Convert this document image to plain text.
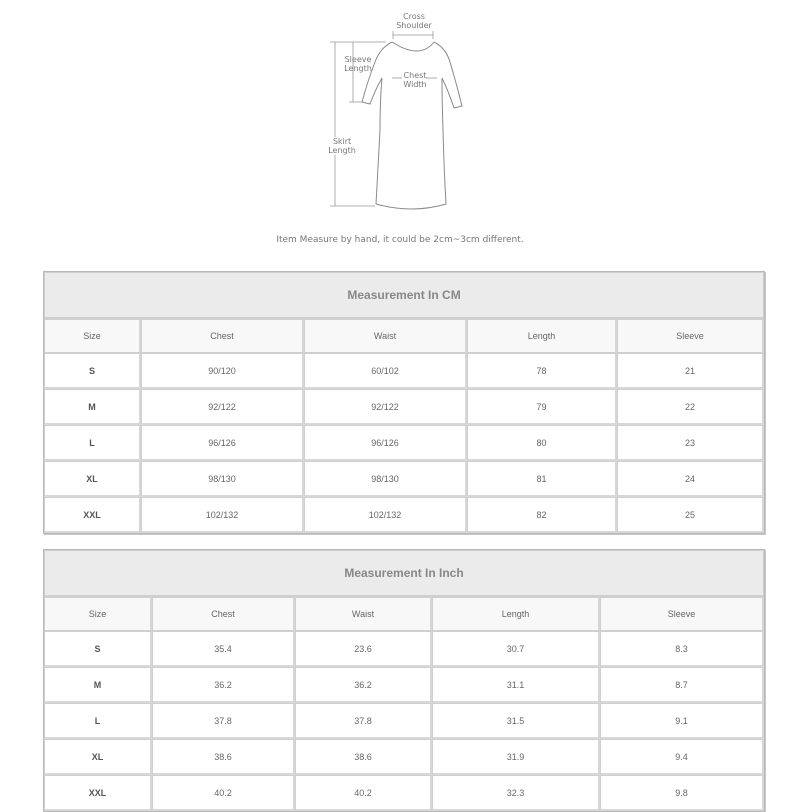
Cross
Shoulder
Sleeve
Length
Chest
Width
Skirt
Length
Item Measure by hand, it could be 2cm~3cm different.
Measurement In CM				
Size	Chest	Waist	Length	Sleeve
S	90/120	60/102	78	21
M	92/122	92/122	79	22
L	96/126	96/126	80	23
XL	98/130	98/130	81	24
XXL	102/132	102/132	82	25
Measurement In Inch				
Size	Chest	Waist	Length	Sleeve
S	35.4	23.6	30.7	8.3
M	36.2	36.2	31.1	8.7
L	37.8	37.8	31.5	9.1
XL	38.6	38.6	31.9	9.4
XXL	40.2	40.2	32.3	9.8
